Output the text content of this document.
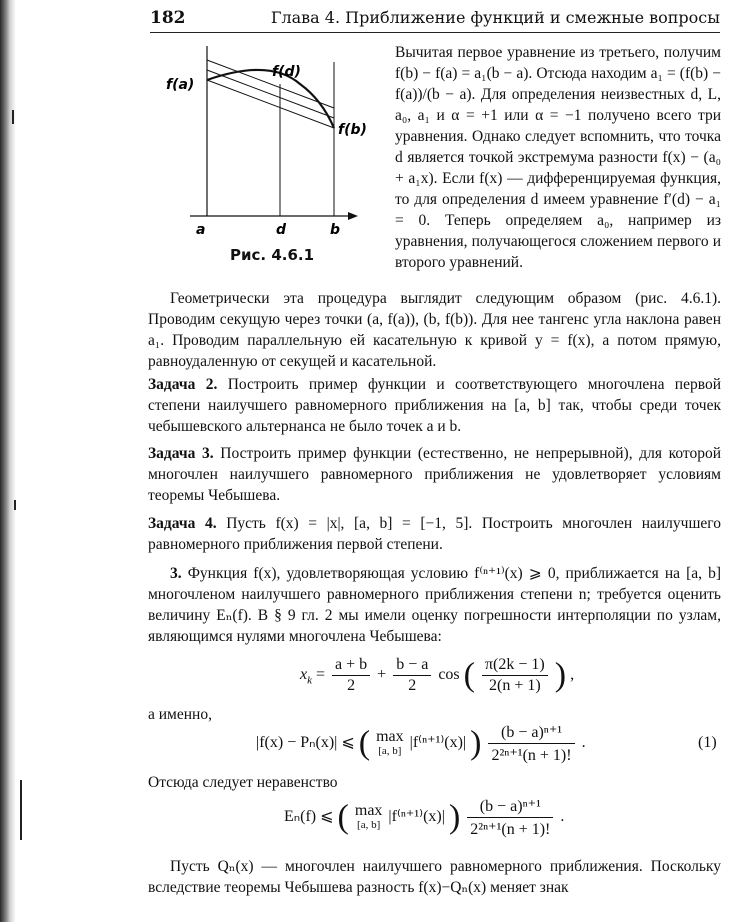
182	Глава 4. Приближение функций и смежные вопросы
f(a)
f(d)
f(b)
a	d	b
Рис. 4.6.1

Вычитая первое уравнение из третьего, получим f(b) − f(a) = a₁(b − a). Отсюда находим a₁ = (f(b) − f(a))/(b − a). Для определения неизвестных d, L, a₀, a₁ и α = +1 или α = −1 получено всего три уравнения. Однако следует вспомнить, что точка d является точкой экстремума разности f(x) − (a₀ + a₁x). Если f(x) — дифференцируемая функция, то для определения d имеем уравнение f′(d) − a₁ = 0. Теперь определяем a₀, например из уравнения, получающегося сложением первого и второго уравнений.

Геометрически эта процедура выглядит следующим образом (рис. 4.6.1). Проводим секущую через точки (a, f(a)), (b, f(b)). Для нее тангенс угла наклона равен a₁. Проводим параллельную ей касательную к кривой y = f(x), а потом прямую, равноудаленную от секущей и касательной.

Задача 2. Построить пример функции и соответствующего многочлена первой степени наилучшего равномерного приближения на [a, b] так, чтобы среди точек чебышевского альтернанса не было точек a и b.

Задача 3. Построить пример функции (естественно, не непрерывной), для которой многочлен наилучшего равномерного приближения не удовлетворяет условиям теоремы Чебышева.

Задача 4. Пусть f(x) = |x|, [a, b] = [−1, 5]. Построить многочлен наилучшего равномерного приближения первой степени.

3. Функция f(x), удовлетворяющая условию f⁽ⁿ⁺¹⁾(x) ⩾ 0, приближается на [a, b] многочленом наилучшего равномерного приближения степени n; требуется оценить величину Eₙ(f). В § 9 гл. 2 мы имели оценку погрешности интерполяции по узлам, являющимся нулями многочлена Чебышева:

$x_k = \frac{a + b}{2} + \frac{b - a}{2}$ cos ( $\frac{\pi(2k - 1)}{2(n + 1)}$ ) ,

а именно,

|f(x) − Pₙ(x)| ⩽ ( max
[a, b] |f⁽ⁿ⁺¹⁾(x)| ) $\frac{\text{(b − a)ⁿ⁺¹}}{\text{2²ⁿ⁺¹(n + 1)!}}$ .	(1)

Отсюда следует неравенство

Eₙ(f) ⩽ ( max
[a, b] |f⁽ⁿ⁺¹⁾(x)| ) $\frac{\text{(b − a)ⁿ⁺¹}}{\text{2²ⁿ⁺¹(n + 1)!}}$ .

Пусть Qₙ(x) — многочлен наилучшего равномерного приближения. Поскольку вследствие теоремы Чебышева разность f(x)−Qₙ(x) меняет знак
